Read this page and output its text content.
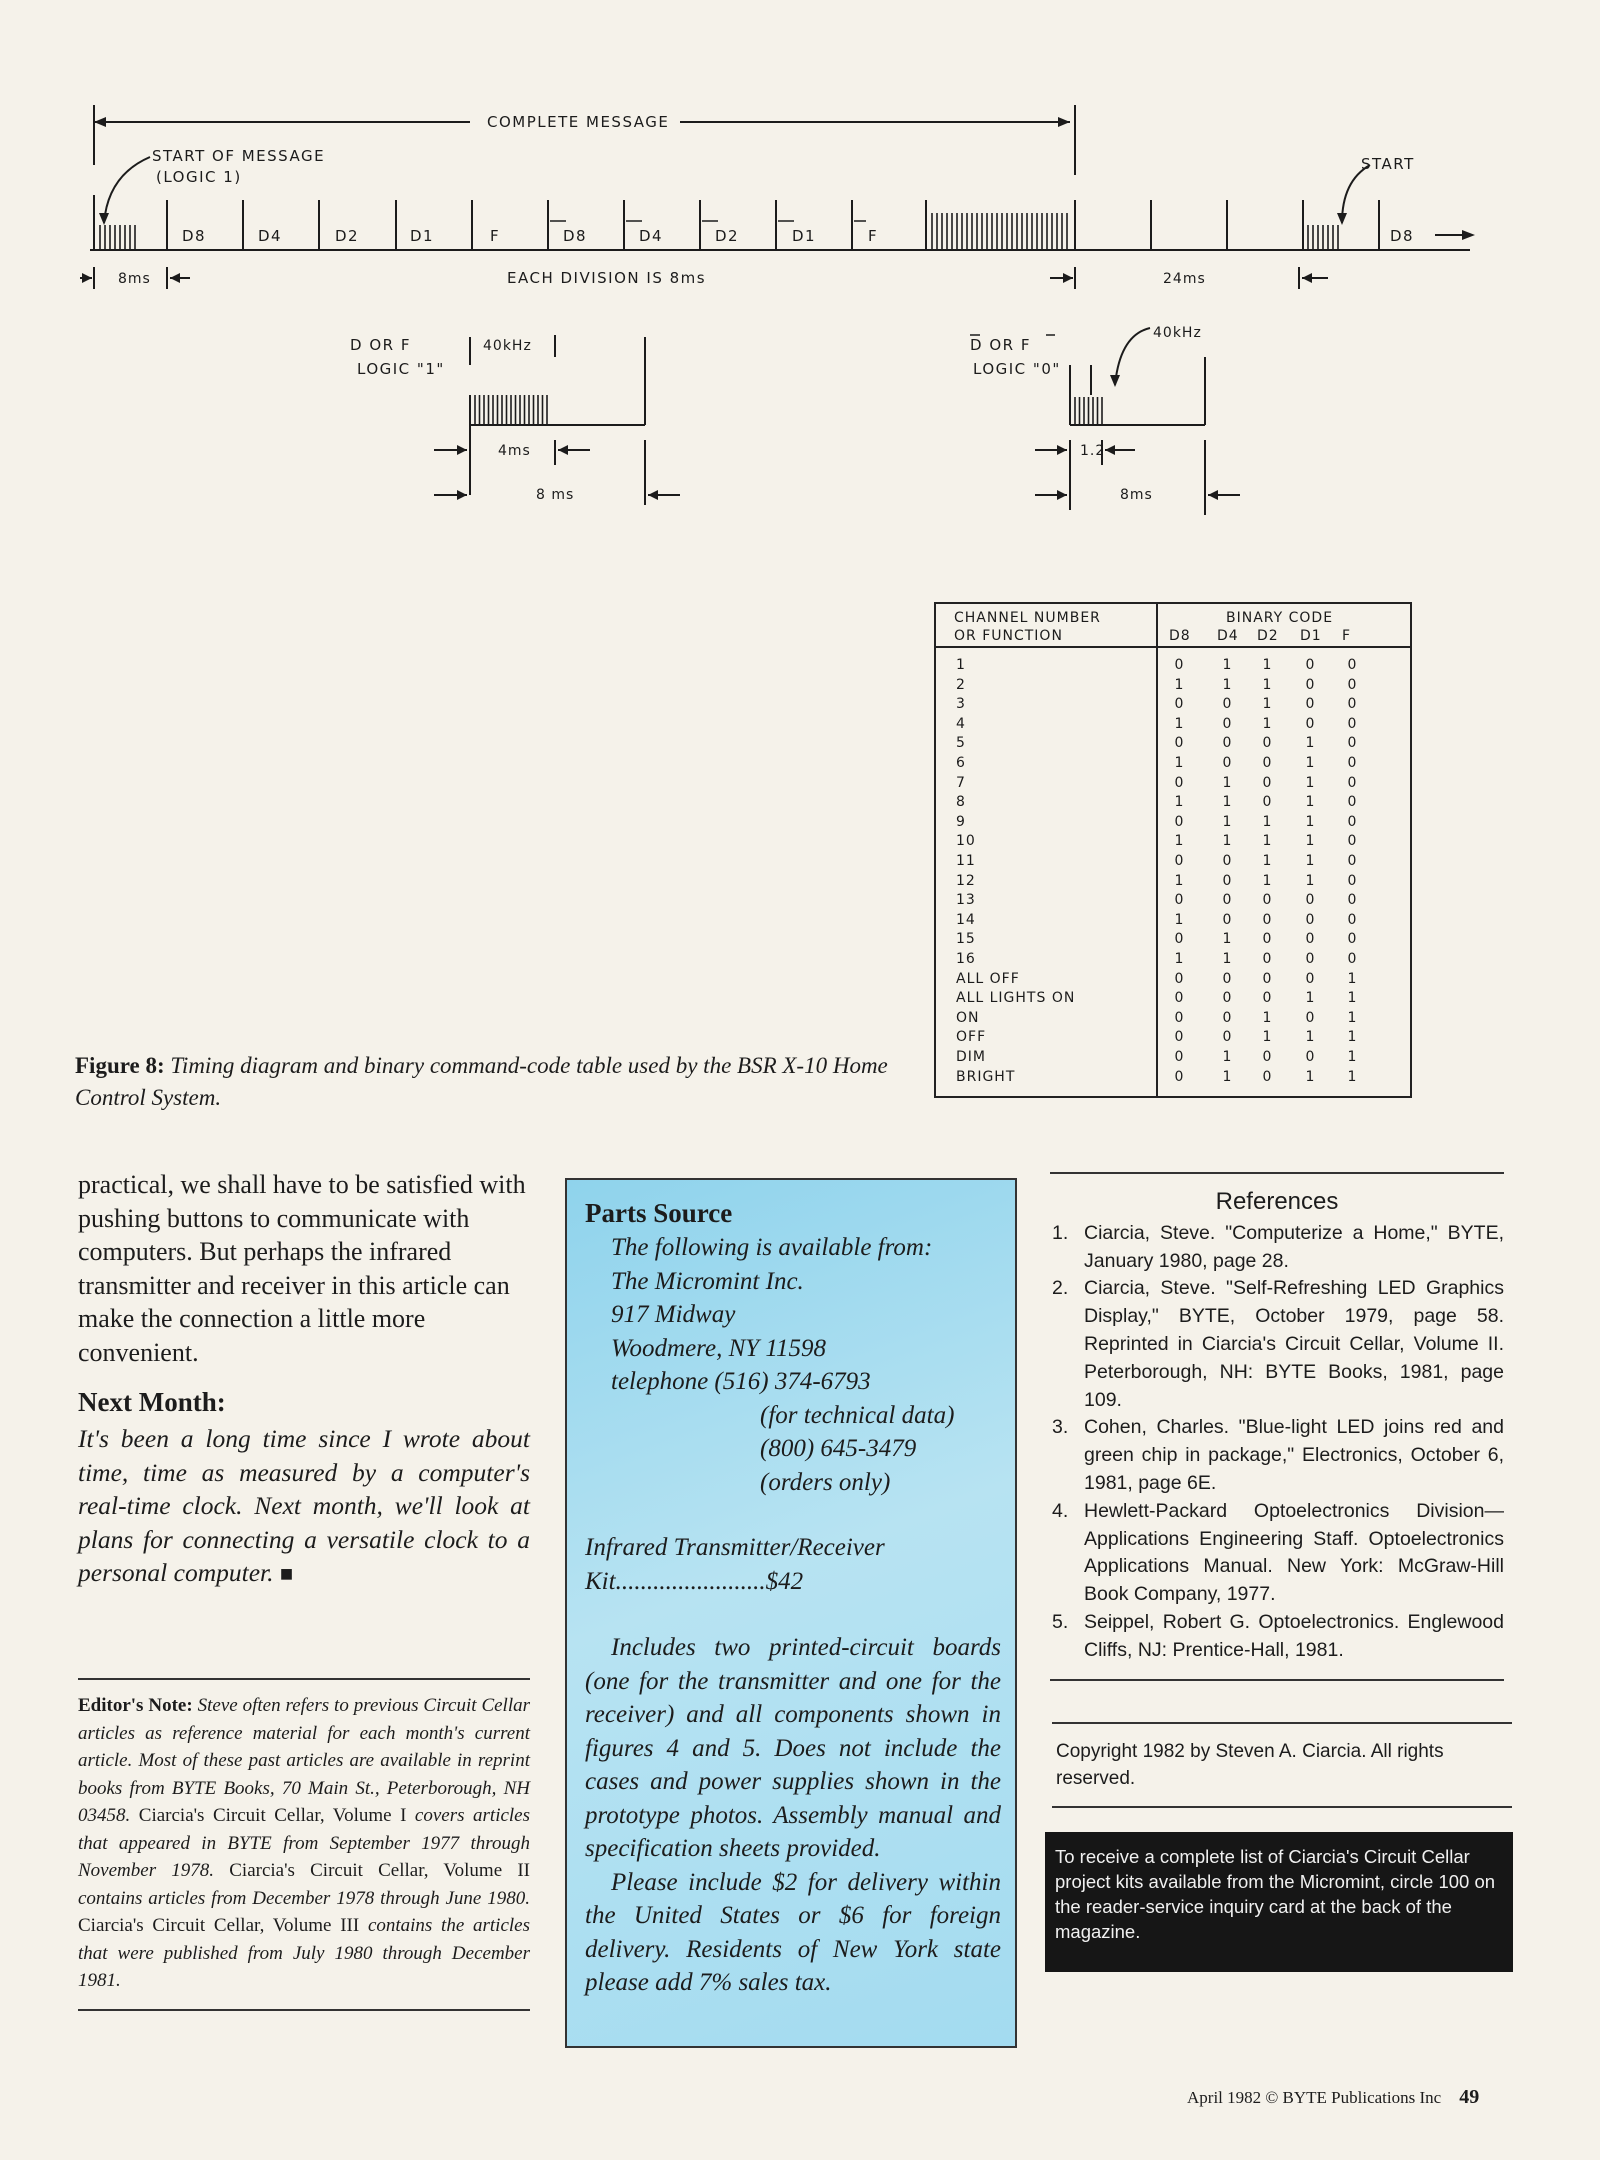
COMPLETE MESSAGE
START OF MESSAGE
(LOGIC 1)
START
D8	D4	D2	D1	F	D8	D4	D2	D1	F	D8
8ms	EACH DIVISION IS 8ms	24ms
D OR F
LOGIC "1"
40kHz
4ms
8 ms
D OR F
LOGIC "0"
40kHz
1.2
8ms
CHANNEL NUMBER
OR FUNCTION
BINARY CODE
D8 D4 D2 D1 F
1	0	1	1	0	0
2	1	1	1	0	0
3	0	0	1	0	0
4	1	0	1	0	0
5	0	0	0	1	0
6	1	0	0	1	0
7	0	1	0	1	0
8	1	1	0	1	0
9	0	1	1	1	0
10	1	1	1	1	0
11	0	0	1	1	0
12	1	0	1	1	0
13	0	0	0	0	0
14	1	0	0	0	0
15	0	1	0	0	0
16	1	1	0	0	0
ALL OFF	0	0	0	0	1
ALL LIGHTS ON	0	0	0	1	1
ON	0	0	1	0	1
OFF	0	0	1	1	1
DIM	0	1	0	0	1
BRIGHT	0	1	0	1	1
Figure 8: Timing diagram and binary command-code table used by the BSR X-10 Home Control System.
practical, we shall have to be satisfied with pushing buttons to communicate with computers. But perhaps the infrared transmitter and receiver in this article can make the connection a little more convenient.
Next Month:
It's been a long time since I wrote about time, time as measured by a computer's real-time clock. Next month, we'll look at plans for connecting a versatile clock to a personal computer. ■
Editor's Note: Steve often refers to previous Circuit Cellar articles as reference material for each month's current article. Most of these past articles are available in reprint books from BYTE Books, 70 Main St., Peterborough, NH 03458. Ciarcia's Circuit Cellar, Volume I covers articles that appeared in BYTE from September 1977 through November 1978. Ciarcia's Circuit Cellar, Volume II contains articles from December 1978 through June 1980. Ciarcia's Circuit Cellar, Volume III contains the articles that were published from July 1980 through December 1981.
Parts Source
The following is available from:
The Micromint Inc.
917 Midway
Woodmere, NY 11598
telephone (516) 374-6793
(for technical data)
(800) 645-3479
(orders only)
Infrared Transmitter/Receiver
Kit........................$42
Includes two printed-circuit boards (one for the transmitter and one for the receiver) and all components shown in figures 4 and 5. Does not include the cases and power supplies shown in the prototype photos. Assembly manual and specification sheets provided.
Please include $2 for delivery within the United States or $6 for foreign delivery. Residents of New York state please add 7% sales tax.
References
1. Ciarcia, Steve. "Computerize a Home," BYTE, January 1980, page 28.
2. Ciarcia, Steve. "Self-Refreshing LED Graphics Display," BYTE, October 1979, page 58. Reprinted in Ciarcia's Circuit Cellar, Volume II. Peterborough, NH: BYTE Books, 1981, page 109.
3. Cohen, Charles. "Blue-light LED joins red and green chip in package," Electronics, October 6, 1981, page 6E.
4. Hewlett-Packard Optoelectronics Division—Applications Engineering Staff. Optoelectronics Applications Manual. New York: McGraw-Hill Book Company, 1977.
5. Seippel, Robert G. Optoelectronics. Englewood Cliffs, NJ: Prentice-Hall, 1981.
Copyright 1982 by Steven A. Ciarcia. All rights reserved.
To receive a complete list of Ciarcia's Circuit Cellar project kits available from the Micromint, circle 100 on the reader-service inquiry card at the back of the magazine.
April 1982 © BYTE Publications Inc 49
